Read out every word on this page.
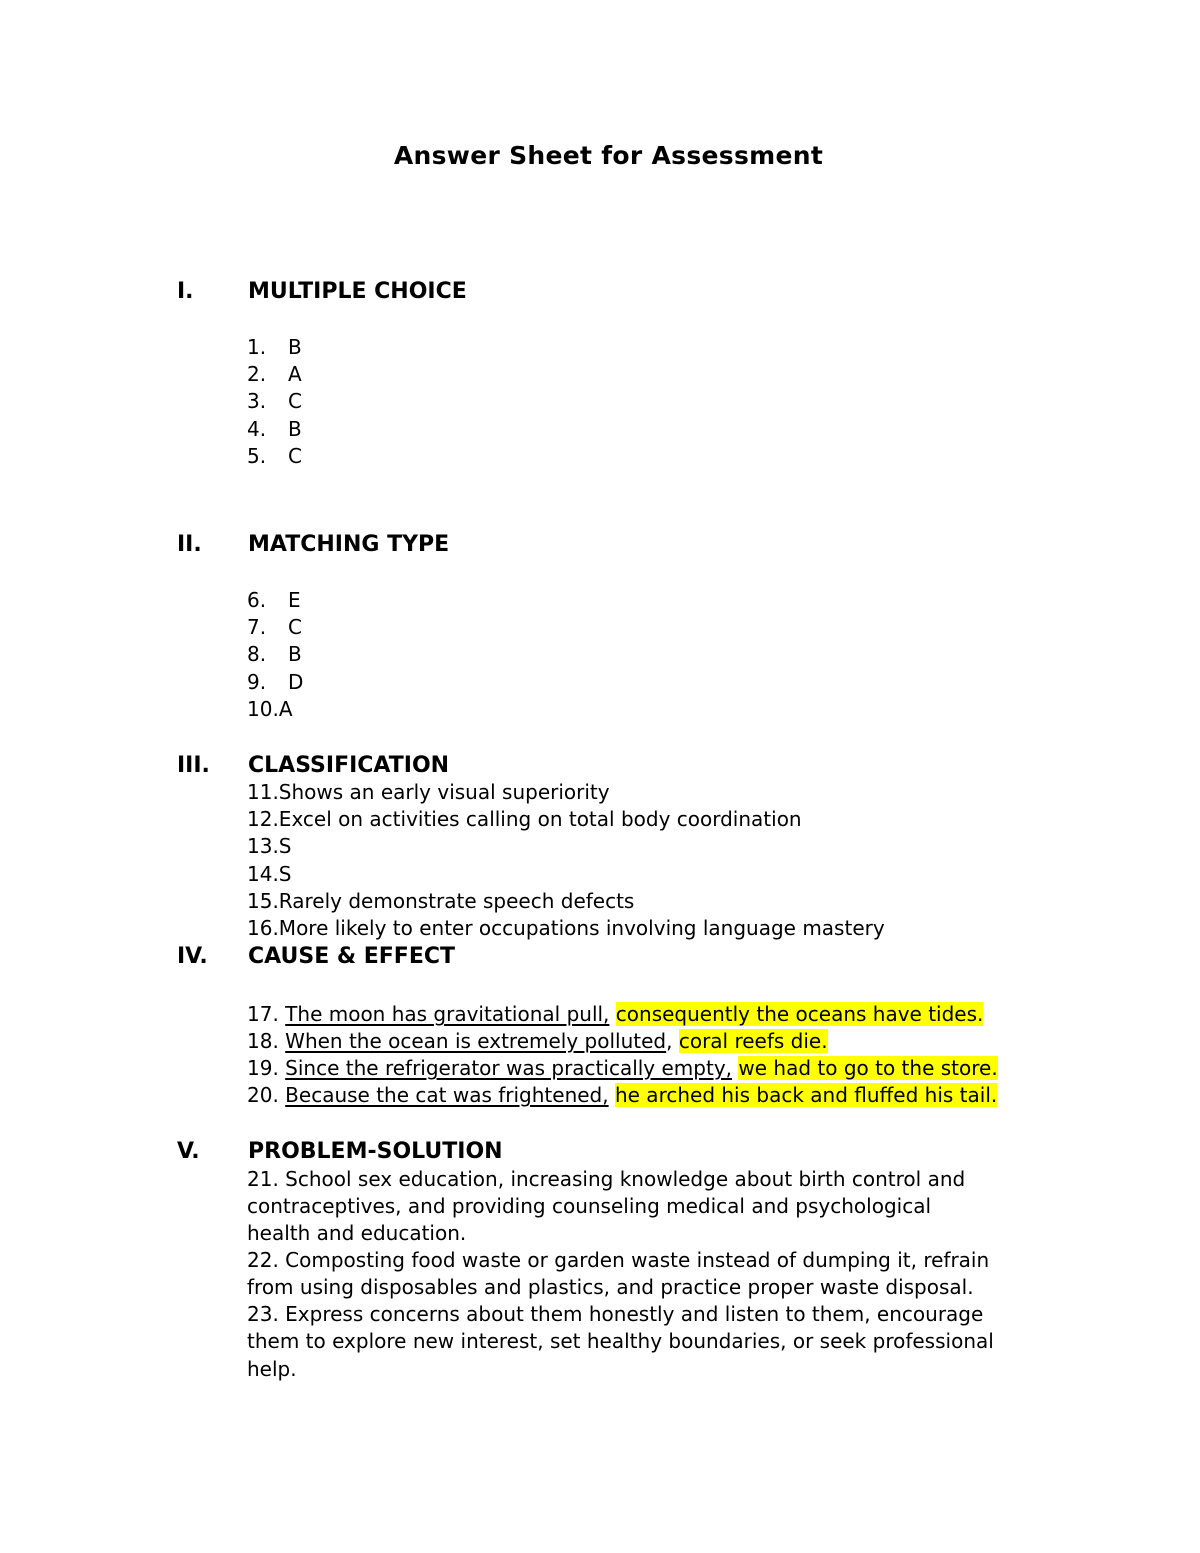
Answer Sheet for Assessment
I. MULTIPLE CHOICE
1. B
2. A
3. C
4. B
5. C
II. MATCHING TYPE
6. E
7. C
8. B
9. D
10.A
III. CLASSIFICATION
11.Shows an early visual superiority
12.Excel on activities calling on total body coordination
13.S
14.S
15.Rarely demonstrate speech defects
16.More likely to enter occupations involving language mastery
IV. CAUSE & EFFECT
17. The moon has gravitational pull, consequently the oceans have tides.
18. When the ocean is extremely polluted, coral reefs die.
19. Since the refrigerator was practically empty, we had to go to the store.
20. Because the cat was frightened, he arched his back and fluffed his tail.
V. PROBLEM-SOLUTION
21. School sex education, increasing knowledge about birth control and
contraceptives, and providing counseling medical and psychological
health and education.
22. Composting food waste or garden waste instead of dumping it, refrain
from using disposables and plastics, and practice proper waste disposal.
23. Express concerns about them honestly and listen to them, encourage
them to explore new interest, set healthy boundaries, or seek professional
help.
